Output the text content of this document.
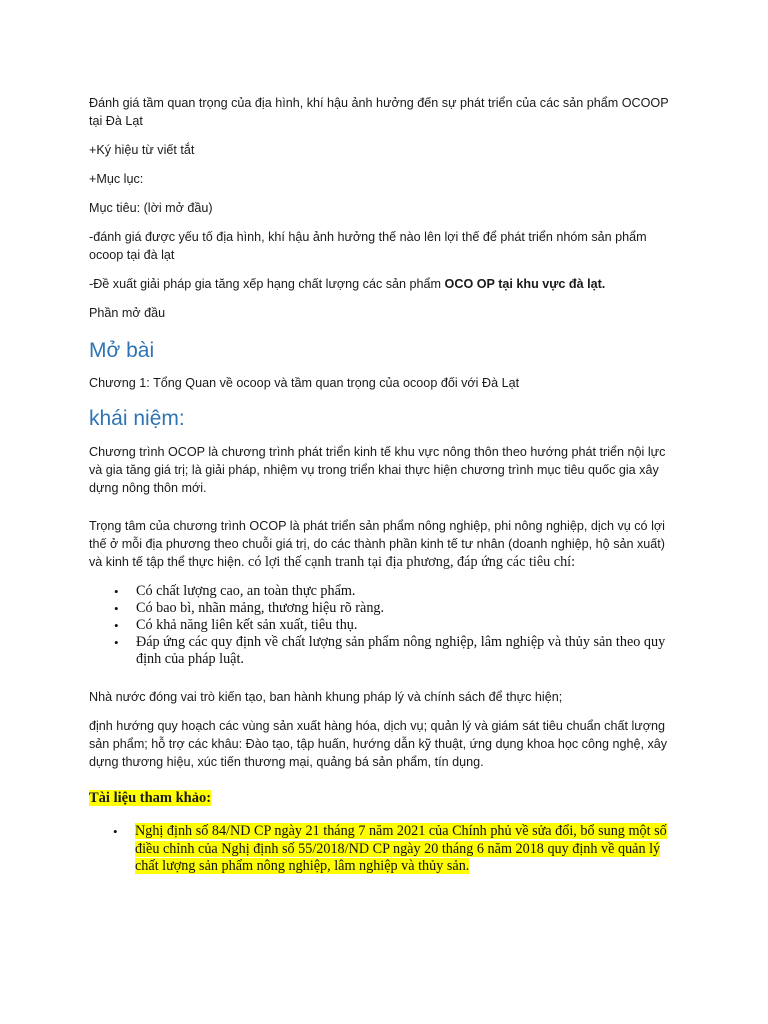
Đánh giá tầm quan trọng của địa hình, khí hậu ảnh hưởng đến sự phát triển của các sản phẩm OCOOP tại Đà Lạt

+Ký hiệu từ viết tắt

+Mục lục:

Mục tiêu: (lời mở đầu)

-đánh giá được yếu tố địa hình, khí hậu ảnh hưởng thế nào lên lợi thế để phát triển nhóm sản phẩm ocoop tại đà lạt

-Đề xuất giải pháp gia tăng xếp hạng chất lượng các sản phẩm OCO OP tại khu vực đà lạt.

Phần mở đầu

Mở bài

Chương 1: Tổng Quan về ocoop và tầm quan trọng của ocoop đối với Đà Lạt

khái niệm:

Chương trình OCOP là chương trình phát triển kinh tế khu vực nông thôn theo hướng phát triển nội lực và gia tăng giá trị; là giải pháp, nhiệm vụ trong triển khai thực hiện chương trình mục tiêu quốc gia xây dựng nông thôn mới.

Trọng tâm của chương trình OCOP là phát triển sản phẩm nông nghiệp, phi nông nghiệp, dịch vụ có lợi thế ở mỗi địa phương theo chuỗi giá trị, do các thành phần kinh tế tư nhân (doanh nghiệp, hộ sản xuất) và kinh tế tập thể thực hiện. có lợi thế cạnh tranh tại địa phương, đáp ứng các tiêu chí:

• Có chất lượng cao, an toàn thực phẩm.
• Có bao bì, nhãn mảng, thương hiệu rõ ràng.
• Có khả năng liên kết sản xuất, tiêu thụ.
• Đáp ứng các quy định về chất lượng sản phẩm nông nghiệp, lâm nghiệp và thủy sản theo quy định của pháp luật.

Nhà nước đóng vai trò kiến tạo, ban hành khung pháp lý và chính sách để thực hiện;

định hướng quy hoạch các vùng sản xuất hàng hóa, dịch vụ; quản lý và giám sát tiêu chuẩn chất lượng sản phẩm; hỗ trợ các khâu: Đào tạo, tập huấn, hướng dẫn kỹ thuật, ứng dụng khoa học công nghệ, xây dựng thương hiệu, xúc tiến thương mại, quảng bá sản phẩm, tín dụng.

Tài liệu tham khảo:

• Nghị định số 84/ND CP ngày 21 tháng 7 năm 2021 của Chính phủ về sửa đổi, bổ sung một số điều chỉnh của Nghị định số 55/2018/ND CP ngày 20 tháng 6 năm 2018 quy định về quản lý chất lượng sản phẩm nông nghiệp, lâm nghiệp và thủy sản.
